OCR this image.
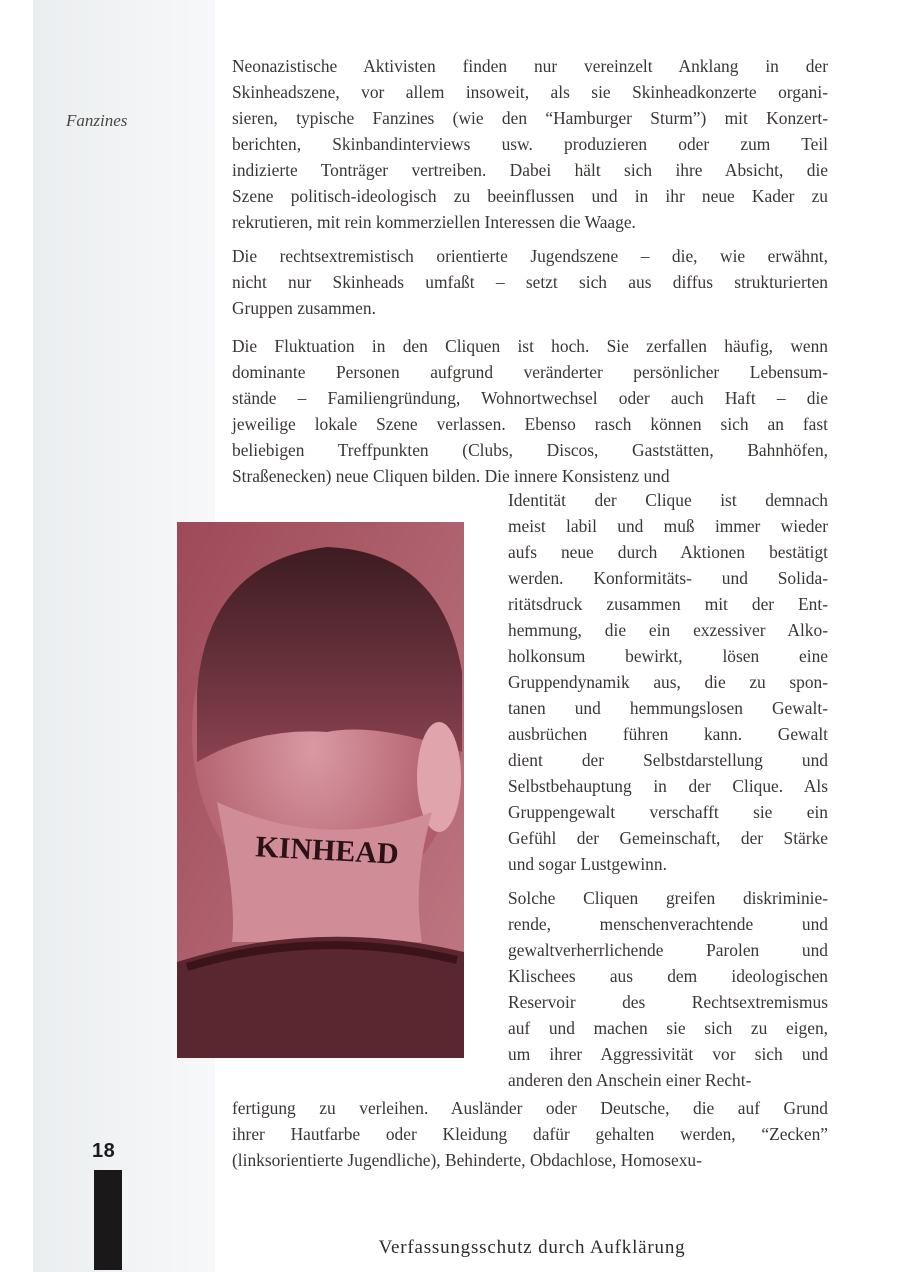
Fanzines
18
Neonazistische Aktivisten finden nur vereinzelt Anklang in der
Skinheadszene, vor allem insoweit, als sie Skinheadkonzerte organi-
sieren, typische Fanzines (wie den “Hamburger Sturm”) mit Konzert-
berichten, Skinbandinterviews usw. produzieren oder zum Teil
indizierte Tonträger vertreiben. Dabei hält sich ihre Absicht, die
Szene politisch-ideologisch zu beeinflussen und in ihr neue Kader zu
rekrutieren, mit rein kommerziellen Interessen die Waage.
Die rechtsextremistisch orientierte Jugendszene – die, wie erwähnt,
nicht nur Skinheads umfaßt – setzt sich aus diffus strukturierten
Gruppen zusammen.
Die Fluktuation in den Cliquen ist hoch. Sie zerfallen häufig, wenn
dominante Personen aufgrund veränderter persönlicher Lebensum-
stände – Familiengründung, Wohnortwechsel oder auch Haft – die
jeweilige lokale Szene verlassen. Ebenso rasch können sich an fast
beliebigen Treffpunkten (Clubs, Discos, Gaststätten, Bahnhöfen,
Straßenecken) neue Cliquen bilden. Die innere Konsistenz und
Identität der Clique ist demnach
meist labil und muß immer wieder
aufs neue durch Aktionen bestätigt
werden. Konformitäts- und Solida-
ritätsdruck zusammen mit der Ent-
hemmung, die ein exzessiver Alko-
holkonsum bewirkt, lösen eine
Gruppendynamik aus, die zu spon-
tanen und hemmungslosen Gewalt-
ausbrüchen führen kann. Gewalt
dient der Selbstdarstellung und
Selbstbehauptung in der Clique. Als
Gruppengewalt verschafft sie ein
Gefühl der Gemeinschaft, der Stärke
und sogar Lustgewinn.
Solche Cliquen greifen diskriminie-
rende, menschenverachtende und
gewaltverherrlichende Parolen und
Klischees aus dem ideologischen
Reservoir des Rechtsextremismus
auf und machen sie sich zu eigen,
um ihrer Aggressivität vor sich und
anderen den Anschein einer Recht-
fertigung zu verleihen. Ausländer oder Deutsche, die auf Grund
ihrer Hautfarbe oder Kleidung dafür gehalten werden, “Zecken”
(linksorientierte Jugendliche), Behinderte, Obdachlose, Homosexu-
KINHEAD
Verfassungsschutz durch Aufklärung
